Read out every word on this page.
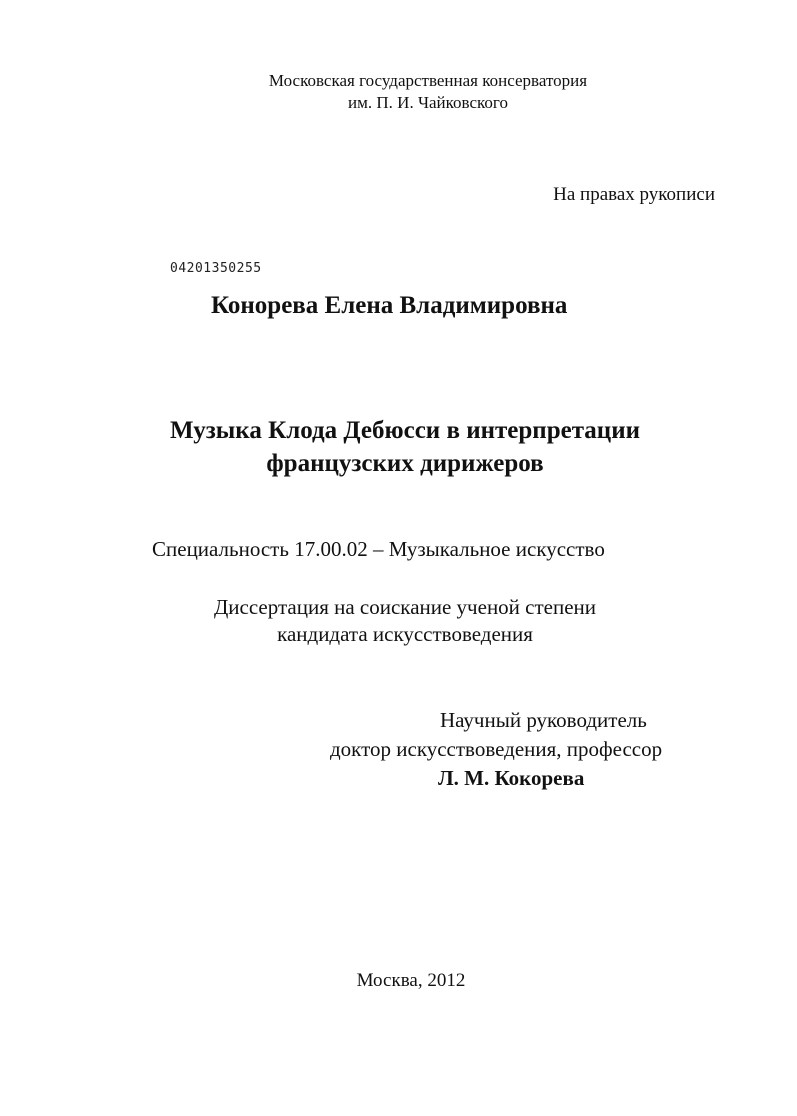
Московская государственная консерватория
им. П. И. Чайковского
На правах рукописи
04201350255
Конорева Елена Владимировна
Музыка Клода Дебюсси в интерпретации
французских дирижеров
Специальность 17.00.02 – Музыкальное искусство
Диссертация на соискание ученой степени
кандидата искусствоведения
Научный руководитель
доктор искусствоведения, профессор
Л. М. Кокорева
Москва, 2012
